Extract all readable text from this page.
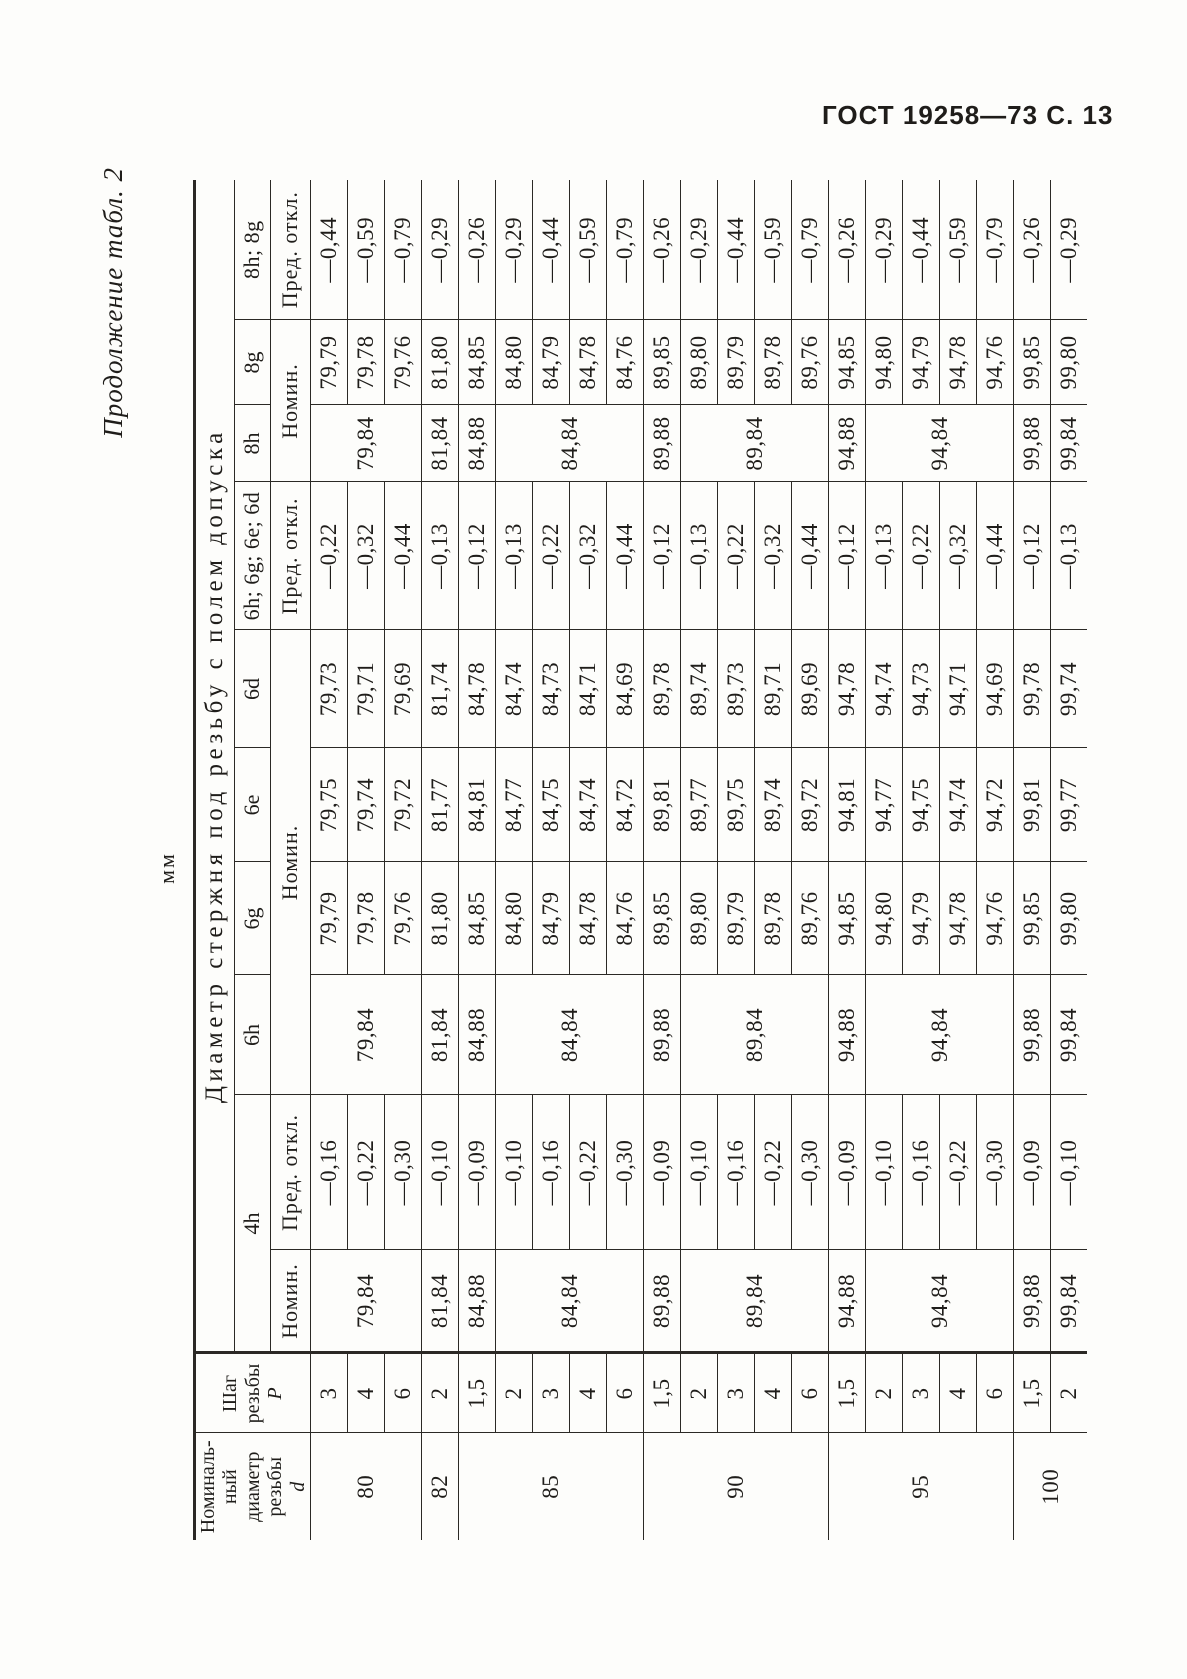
ГОСТ 19258—73 С. 13
Продолжение табл. 2
мм
Номиналь- ный диаметр резьбы d	Шаг резьбы P	Диаметр стержня под резьбу с полем допуска									
		4h		6h	6g	6e	6d	6h; 6g; 6e; 6d	8h	8g	8h; 8g
		Номин.	Пред. откл.	Номин.				Пред. откл.	Номин.		Пред. откл.
80	3	79,84	—0,16	79,84	79,79	79,75	79,73	—0,22	79,84	79,79	—0,44
	4		—0,22		79,78	79,74	79,71	—0,32		79,78	—0,59
	6		—0,30		79,76	79,72	79,69	—0,44		79,76	—0,79
82	2	81,84	—0,10	81,84	81,80	81,77	81,74	—0,13	81,84	81,80	—0,29
85	1,5	84,88	—0,09	84,88	84,85	84,81	84,78	—0,12	84,88	84,85	—0,26
	2	84,84	—0,10	84,84	84,80	84,77	84,74	—0,13	84,84	84,80	—0,29
	3		—0,16		84,79	84,75	84,73	—0,22		84,79	—0,44
	4		—0,22		84,78	84,74	84,71	—0,32		84,78	—0,59
	6		—0,30		84,76	84,72	84,69	—0,44		84,76	—0,79
90	1,5	89,88	—0,09	89,88	89,85	89,81	89,78	—0,12	89,88	89,85	—0,26
	2	89,84	—0,10	89,84	89,80	89,77	89,74	—0,13	89,84	89,80	—0,29
	3		—0,16		89,79	89,75	89,73	—0,22		89,79	—0,44
	4		—0,22		89,78	89,74	89,71	—0,32		89,78	—0,59
	6		—0,30		89,76	89,72	89,69	—0,44		89,76	—0,79
95	1,5	94,88	—0,09	94,88	94,85	94,81	94,78	—0,12	94,88	94,85	—0,26
	2	94,84	—0,10	94,84	94,80	94,77	94,74	—0,13	94,84	94,80	—0,29
	3		—0,16		94,79	94,75	94,73	—0,22		94,79	—0,44
	4		—0,22		94,78	94,74	94,71	—0,32		94,78	—0,59
	6		—0,30		94,76	94,72	94,69	—0,44		94,76	—0,79
100	1,5	99,88	—0,09	99,88	99,85	99,81	99,78	—0,12	99,88	99,85	—0,26
	2	99,84	—0,10	99,84	99,80	99,77	99,74	—0,13	99,84	99,80	—0,29
